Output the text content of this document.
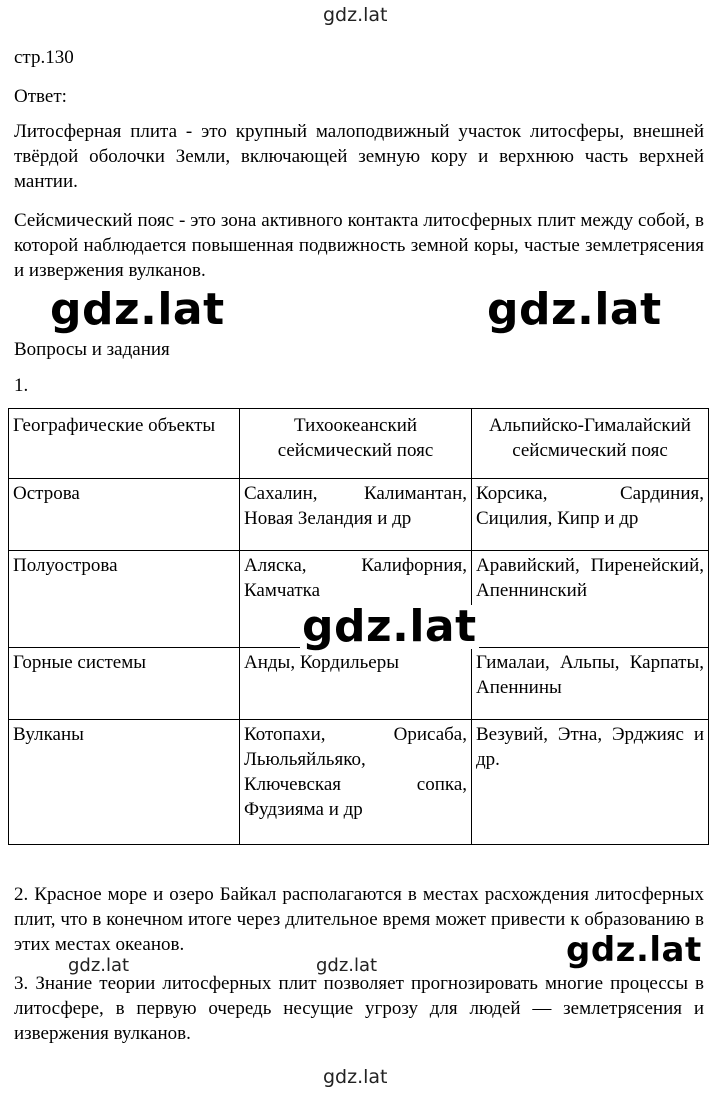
gdz.lat
стр.130
Ответ:
Литосферная плита - это крупный малоподвижный участок литосферы, внешней твёрдой оболочки Земли, включающей земную кору и верхнюю часть верхней мантии.
Сейсмический пояс - это зона активного контакта литосферных плит между собой, в которой наблюдается повышенная подвижность земной коры, частые землетрясения и извержения вулканов.
gdz.lat	gdz.lat
Вопросы и задания
1.
Географические объекты	Тихоокеанский сейсмический пояс	Альпийско-Гималайский сейсмический пояс
Острова	Сахалин, Калимантан, Новая Зеландия и др	Корсика, Сардиния, Сицилия, Кипр и др
Полуострова	Аляска, Калифорния, Камчатка	Аравийский, Пиренейский, Апеннинский
Горные системы	Анды, Кордильеры	Гималаи, Альпы, Карпаты, Апеннины
Вулканы	Котопахи, Орисаба, Льюльяйльяко, Ключевская сопка, Фудзияма и др	Везувий, Этна, Эрджияс и др.
gdz.lat
2. Красное море и озеро Байкал располагаются в местах расхождения литосферных плит, что в конечном итоге через длительное время может привести к образованию в этих местах океанов.
3. Знание теории литосферных плит позволяет прогнозировать многие процессы в литосфере, в первую очередь несущие угрозу для людей — землетрясения и извержения вулканов.
gdz.lat
gdz.lat	gdz.lat
gdz.lat
